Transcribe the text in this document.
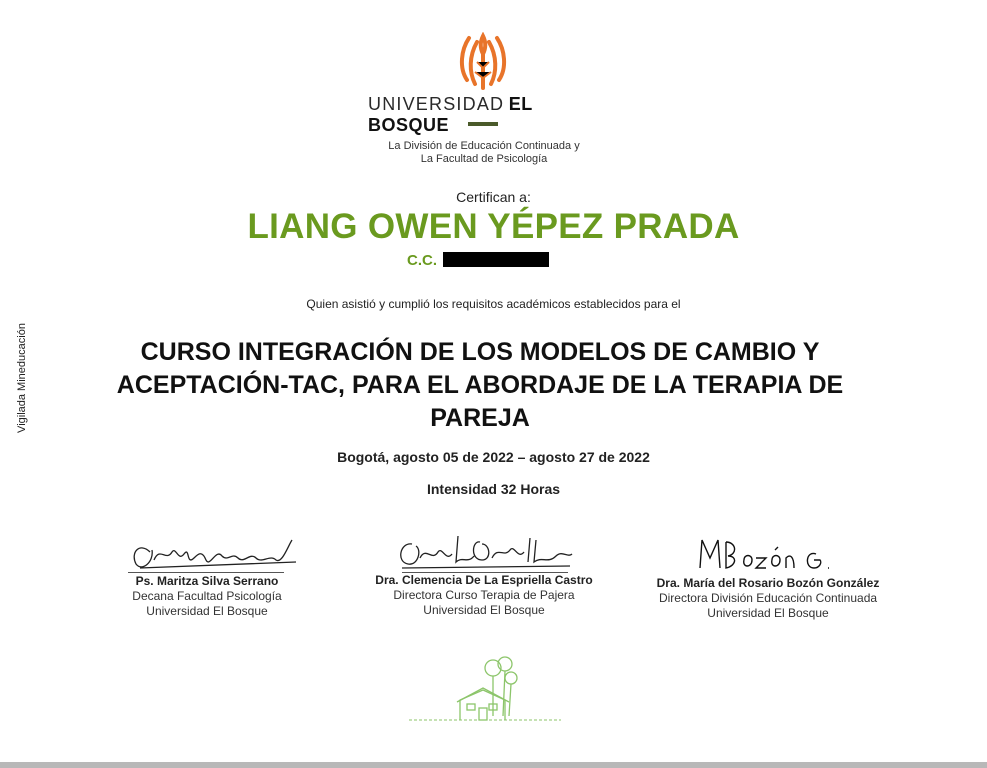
UNIVERSIDAD EL BOSQUE
La División de Educación Continuada y
La Facultad de Psicología
Certifican a:
LIANG OWEN YÉPEZ PRADA
C.C.
Quien asistió y cumplió los requisitos académicos establecidos para el
CURSO INTEGRACIÓN DE LOS MODELOS DE CAMBIO Y ACEPTACIÓN-TAC, PARA EL ABORDAJE DE LA TERAPIA DE PAREJA
Bogotá, agosto 05 de 2022 – agosto 27 de 2022
Intensidad 32 Horas
Vigilada Mineducación
Ps. Maritza Silva Serrano
Decana Facultad Psicología
Universidad El Bosque
Dra. Clemencia De La Espriella Castro
Directora Curso Terapia de Pajera
Universidad El Bosque
Dra. María del Rosario Bozón González
Directora División Educación Continuada
Universidad El Bosque
